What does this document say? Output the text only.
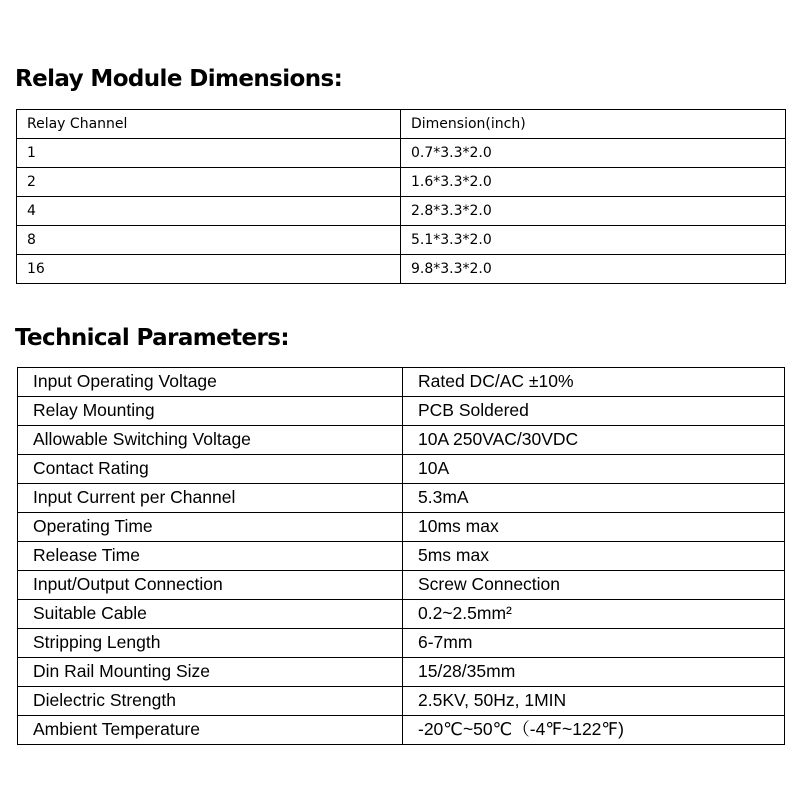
Relay Module Dimensions:
Relay Channel	Dimension(inch)
1	0.7*3.3*2.0
2	1.6*3.3*2.0
4	2.8*3.3*2.0
8	5.1*3.3*2.0
16	9.8*3.3*2.0
Technical Parameters:
Input Operating Voltage	Rated DC/AC ±10%
Relay Mounting	PCB Soldered
Allowable Switching Voltage	10A 250VAC/30VDC
Contact Rating	10A
Input Current per Channel	5.3mA
Operating Time	10ms max
Release Time	5ms max
Input/Output Connection	Screw Connection
Suitable Cable	0.2~2.5mm²
Stripping Length	6-7mm
Din Rail Mounting Size	15/28/35mm
Dielectric Strength	2.5KV, 50Hz, 1MIN
Ambient Temperature	-20℃~50℃（-4℉~122℉)
